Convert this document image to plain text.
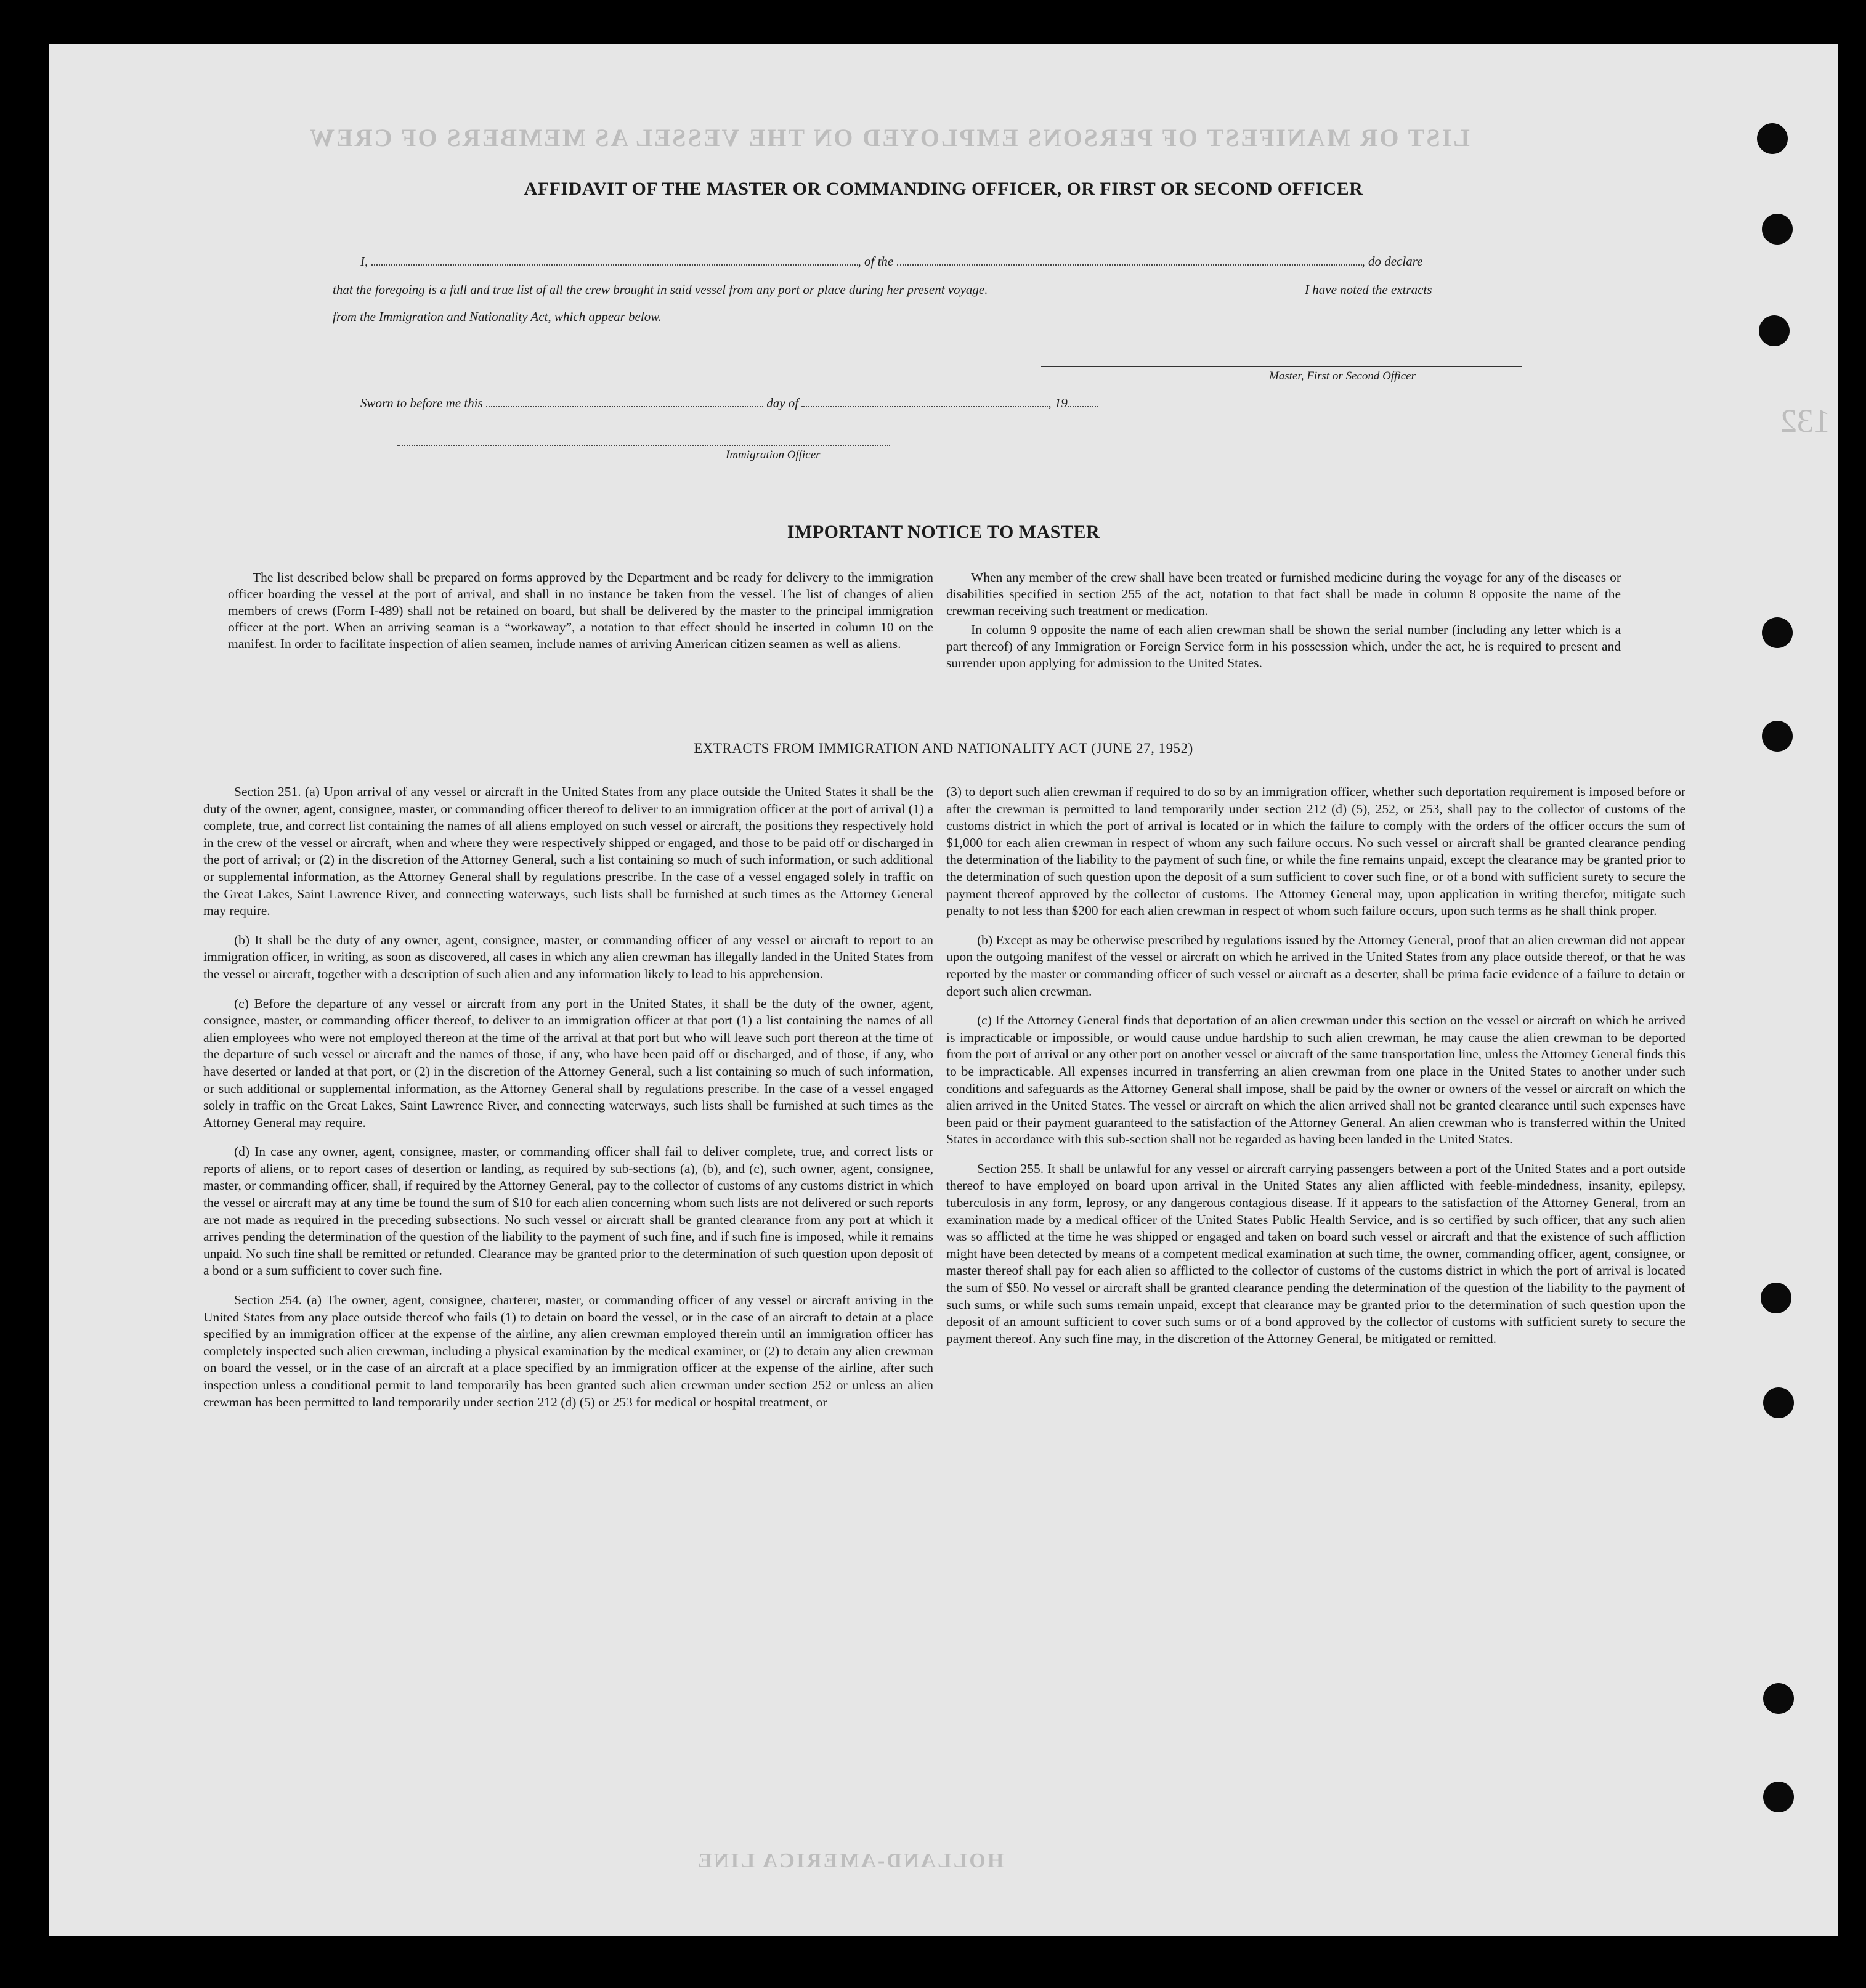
LIST OR MANIFEST OF PERSONS EMPLOYED ON THE VESSEL AS MEMBERS OF CREW
HOLLAND-AMERICA LINE
132
AFFIDAVIT OF THE MASTER OR COMMANDING OFFICER, OR FIRST OR SECOND OFFICER
I,	, of the	, do declare
that the foregoing is a full and true list of all the crew brought in said vessel from any port or place during her present voyage.	I have noted the extracts
from the Immigration and Nationality Act, which appear below.
Master, First or Second Officer
Sworn to before me this	day of	, 19
Immigration Officer
IMPORTANT NOTICE TO MASTER

The list described below shall be prepared on forms approved by the Department and be ready for delivery to the immigration officer boarding the vessel at the port of arrival, and shall in no instance be taken from the vessel. The list of changes of alien members of crews (Form I-489) shall not be retained on board, but shall be delivered by the master to the principal immigration officer at the port. When an arriving seaman is a “workaway”, a notation to that effect should be inserted in column 10 on the manifest. In order to facilitate inspection of alien seamen, include names of arriving American citizen seamen as well as aliens.

When any member of the crew shall have been treated or furnished medicine during the voyage for any of the diseases or disabilities specified in section 255 of the act, notation to that fact shall be made in column 8 opposite the name of the crewman receiving such treatment or medication.

In column 9 opposite the name of each alien crewman shall be shown the serial number (including any letter which is a part thereof) of any Immigration or Foreign Service form in his possession which, under the act, he is required to present and surrender upon applying for admission to the United States.

EXTRACTS FROM IMMIGRATION AND NATIONALITY ACT (JUNE 27, 1952)

Section 251. (a) Upon arrival of any vessel or aircraft in the United States from any place outside the United States it shall be the duty of the owner, agent, consignee, master, or commanding officer thereof to deliver to an immigration officer at the port of arrival (1) a complete, true, and correct list containing the names of all aliens employed on such vessel or aircraft, the positions they respectively hold in the crew of the vessel or aircraft, when and where they were respectively shipped or engaged, and those to be paid off or discharged in the port of arrival; or (2) in the discretion of the Attorney General, such a list containing so much of such information, or such additional or supplemental information, as the Attorney General shall by regulations prescribe. In the case of a vessel engaged solely in traffic on the Great Lakes, Saint Lawrence River, and connecting waterways, such lists shall be furnished at such times as the Attorney General may require.

(b) It shall be the duty of any owner, agent, consignee, master, or commanding officer of any vessel or aircraft to report to an immigration officer, in writing, as soon as discovered, all cases in which any alien crewman has illegally landed in the United States from the vessel or aircraft, together with a description of such alien and any information likely to lead to his apprehension.

(c) Before the departure of any vessel or aircraft from any port in the United States, it shall be the duty of the owner, agent, consignee, master, or commanding officer thereof, to deliver to an immigration officer at that port (1) a list containing the names of all alien employees who were not employed thereon at the time of the arrival at that port but who will leave such port thereon at the time of the departure of such vessel or aircraft and the names of those, if any, who have been paid off or discharged, and of those, if any, who have deserted or landed at that port, or (2) in the discretion of the Attorney General, such a list containing so much of such information, or such additional or supplemental information, as the Attorney General shall by regulations prescribe. In the case of a vessel engaged solely in traffic on the Great Lakes, Saint Lawrence River, and connecting waterways, such lists shall be furnished at such times as the Attorney General may require.

(d) In case any owner, agent, consignee, master, or commanding officer shall fail to deliver complete, true, and correct lists or reports of aliens, or to report cases of desertion or landing, as required by sub-sections (a), (b), and (c), such owner, agent, consignee, master, or commanding officer, shall, if required by the Attorney General, pay to the collector of customs of any customs district in which the vessel or aircraft may at any time be found the sum of $10 for each alien concerning whom such lists are not delivered or such reports are not made as required in the preceding subsections. No such vessel or aircraft shall be granted clearance from any port at which it arrives pending the determination of the question of the liability to the payment of such fine, and if such fine is imposed, while it remains unpaid. No such fine shall be remitted or refunded. Clearance may be granted prior to the determination of such question upon deposit of a bond or a sum sufficient to cover such fine.

Section 254. (a) The owner, agent, consignee, charterer, master, or commanding officer of any vessel or aircraft arriving in the United States from any place outside thereof who fails (1) to detain on board the vessel, or in the case of an aircraft to detain at a place specified by an immigration officer at the expense of the airline, any alien crewman employed therein until an immigration officer has completely inspected such alien crewman, including a physical examination by the medical examiner, or (2) to detain any alien crewman on board the vessel, or in the case of an aircraft at a place specified by an immigration officer at the expense of the airline, after such inspection unless a conditional permit to land temporarily has been granted such alien crewman under section 252 or unless an alien crewman has been permitted to land temporarily under section 212 (d) (5) or 253 for medical or hospital treatment, or

(3) to deport such alien crewman if required to do so by an immigration officer, whether such deportation requirement is imposed before or after the crewman is permitted to land temporarily under section 212 (d) (5), 252, or 253, shall pay to the collector of customs of the customs district in which the port of arrival is located or in which the failure to comply with the orders of the officer occurs the sum of $1,000 for each alien crewman in respect of whom any such failure occurs. No such vessel or aircraft shall be granted clearance pending the determination of the liability to the payment of such fine, or while the fine remains unpaid, except the clearance may be granted prior to the determination of such question upon the deposit of a sum sufficient to cover such fine, or of a bond with sufficient surety to secure the payment thereof approved by the collector of customs. The Attorney General may, upon application in writing therefor, mitigate such penalty to not less than $200 for each alien crewman in respect of whom such failure occurs, upon such terms as he shall think proper.

(b) Except as may be otherwise prescribed by regulations issued by the Attorney General, proof that an alien crewman did not appear upon the outgoing manifest of the vessel or aircraft on which he arrived in the United States from any place outside thereof, or that he was reported by the master or commanding officer of such vessel or aircraft as a deserter, shall be prima facie evidence of a failure to detain or deport such alien crewman.

(c) If the Attorney General finds that deportation of an alien crewman under this section on the vessel or aircraft on which he arrived is impracticable or impossible, or would cause undue hardship to such alien crewman, he may cause the alien crewman to be deported from the port of arrival or any other port on another vessel or aircraft of the same transportation line, unless the Attorney General finds this to be impracticable. All expenses incurred in transferring an alien crewman from one place in the United States to another under such conditions and safeguards as the Attorney General shall impose, shall be paid by the owner or owners of the vessel or aircraft on which the alien arrived in the United States. The vessel or aircraft on which the alien arrived shall not be granted clearance until such expenses have been paid or their payment guaranteed to the satisfaction of the Attorney General. An alien crewman who is transferred within the United States in accordance with this sub-section shall not be regarded as having been landed in the United States.

Section 255. It shall be unlawful for any vessel or aircraft carrying passengers between a port of the United States and a port outside thereof to have employed on board upon arrival in the United States any alien afflicted with feeble-mindedness, insanity, epilepsy, tuberculosis in any form, leprosy, or any dangerous contagious disease. If it appears to the satisfaction of the Attorney General, from an examination made by a medical officer of the United States Public Health Service, and is so certified by such officer, that any such alien was so afflicted at the time he was shipped or engaged and taken on board such vessel or aircraft and that the existence of such affliction might have been detected by means of a competent medical examination at such time, the owner, commanding officer, agent, consignee, or master thereof shall pay for each alien so afflicted to the collector of customs of the customs district in which the port of arrival is located the sum of $50. No vessel or aircraft shall be granted clearance pending the determination of the question of the liability to the payment of such sums, or while such sums remain unpaid, except that clearance may be granted prior to the determination of such question upon the deposit of an amount sufficient to cover such sums or of a bond approved by the collector of customs with sufficient surety to secure the payment thereof. Any such fine may, in the discretion of the Attorney General, be mitigated or remitted.
